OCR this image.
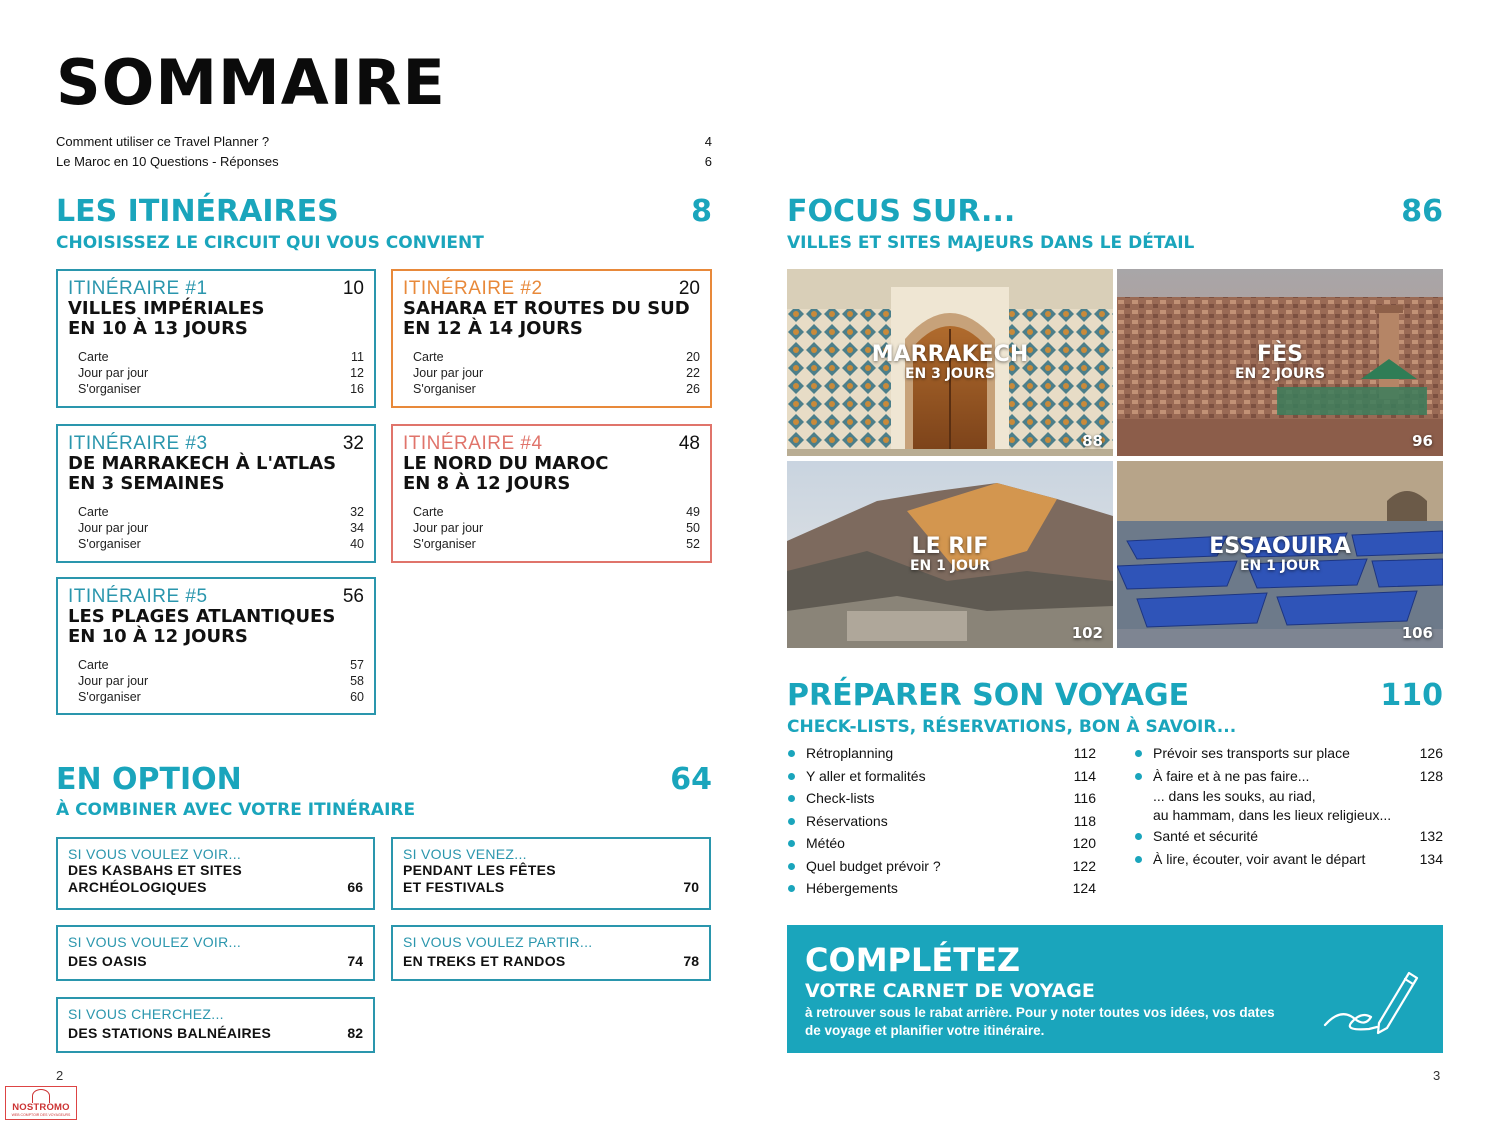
SOMMAIRE
Comment utiliser ce Travel Planner ?	4
Le Maroc en 10 Questions - Réponses	6
LES ITINÉRAIRES	8
CHOISISSEZ LE CIRCUIT QUI VOUS CONVIENT
ITINÉRAIRE #1	10
VILLES IMPÉRIALES
EN 10 À 13 JOURS
Carte	11
Jour par jour	12
S'organiser	16
ITINÉRAIRE #2	20
SAHARA ET ROUTES DU SUD
EN 12 À 14 JOURS
Carte	20
Jour par jour	22
S'organiser	26
ITINÉRAIRE #3	32
DE MARRAKECH À L'ATLAS
EN 3 SEMAINES
Carte	32
Jour par jour	34
S'organiser	40
ITINÉRAIRE #4	48
LE NORD DU MAROC
EN 8 À 12 JOURS
Carte	49
Jour par jour	50
S'organiser	52
ITINÉRAIRE #5	56
LES PLAGES ATLANTIQUES
EN 10 À 12 JOURS
Carte	57
Jour par jour	58
S'organiser	60
EN OPTION	64
À COMBINER AVEC VOTRE ITINÉRAIRE
SI VOUS VOULEZ VOIR...
DES KASBAHS ET SITES
ARCHÉOLOGIQUES	66
SI VOUS VENEZ...
PENDANT LES FÊTES
ET FESTIVALS	70
SI VOUS VOULEZ VOIR...
DES OASIS	74
SI VOUS VOULEZ PARTIR...
EN TREKS ET RANDOS	78
SI VOUS CHERCHEZ...
DES STATIONS BALNÉAIRES	82
2
NOSTROMO
WEB COMPTOIR DES VOYAGEURS
FOCUS SUR...	86
VILLES ET SITES MAJEURS DANS LE DÉTAIL
MARRAKECH
EN 3 JOURS
88
FÈS
EN 2 JOURS
96
LE RIF
EN 1 JOUR
102
ESSAOUIRA
EN 1 JOUR
106
PRÉPARER SON VOYAGE	110
CHECK-LISTS, RÉSERVATIONS, BON À SAVOIR...
Rétroplanning	112
Y aller et formalités	114
Check-lists	116
Réservations	118
Météo	120
Quel budget prévoir ?	122
Hébergements	124
Prévoir ses transports sur place	126
À faire et à ne pas faire...	128
... dans les souks, au riad,
au hammam, dans les lieux religieux...
Santé et sécurité	132
À lire, écouter, voir avant le départ	134
COMPLÉTEZ
VOTRE CARNET DE VOYAGE
à retrouver sous le rabat arrière. Pour y noter toutes vos idées, vos dates
de voyage et planifier votre itinéraire.
3
